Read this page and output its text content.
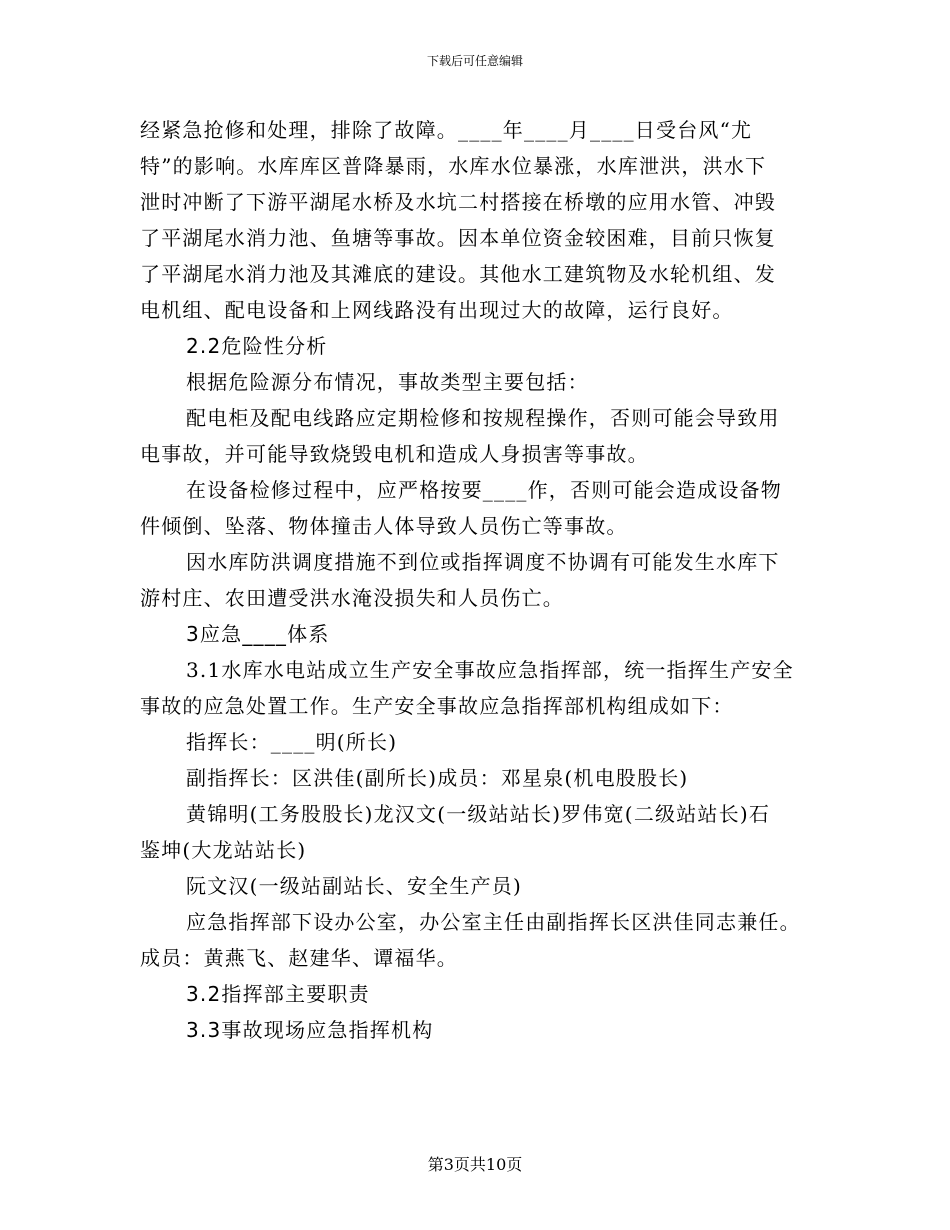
下载后可任意编辑
经紧急抢修和处理，排除了故障。____年____月____日受台风“尤
特”的影响。水库库区普降暴雨，水库水位暴涨，水库泄洪，洪水下
泄时冲断了下游平湖尾水桥及水坑二村搭接在桥墩的应用水管、冲毁
了平湖尾水消力池、鱼塘等事故。因本单位资金较困难，目前只恢复
了平湖尾水消力池及其滩底的建设。其他水工建筑物及水轮机组、发
电机组、配电设备和上网线路没有出现过大的故障，运行良好。
2.2危险性分析
根据危险源分布情况，事故类型主要包括：
配电柜及配电线路应定期检修和按规程操作，否则可能会导致用
电事故，并可能导致烧毁电机和造成人身损害等事故。
在设备检修过程中，应严格按要____作，否则可能会造成设备物
件倾倒、坠落、物体撞击人体导致人员伤亡等事故。
因水库防洪调度措施不到位或指挥调度不协调有可能发生水库下
游村庄、农田遭受洪水淹没损失和人员伤亡。
3应急____体系
3.1水库水电站成立生产安全事故应急指挥部，统一指挥生产安全
事故的应急处置工作。生产安全事故应急指挥部机构组成如下：
指挥长：____明(所长)
副指挥长：区洪佳(副所长)成员：邓星泉(机电股股长)
黄锦明(工务股股长)龙汉文(一级站站长)罗伟宽(二级站站长)石
鉴坤(大龙站站长)
阮文汉(一级站副站长、安全生产员)
应急指挥部下设办公室，办公室主任由副指挥长区洪佳同志兼任。
成员：黄燕飞、赵建华、谭福华。
3.2指挥部主要职责
3.3事故现场应急指挥机构
第3页共10页
